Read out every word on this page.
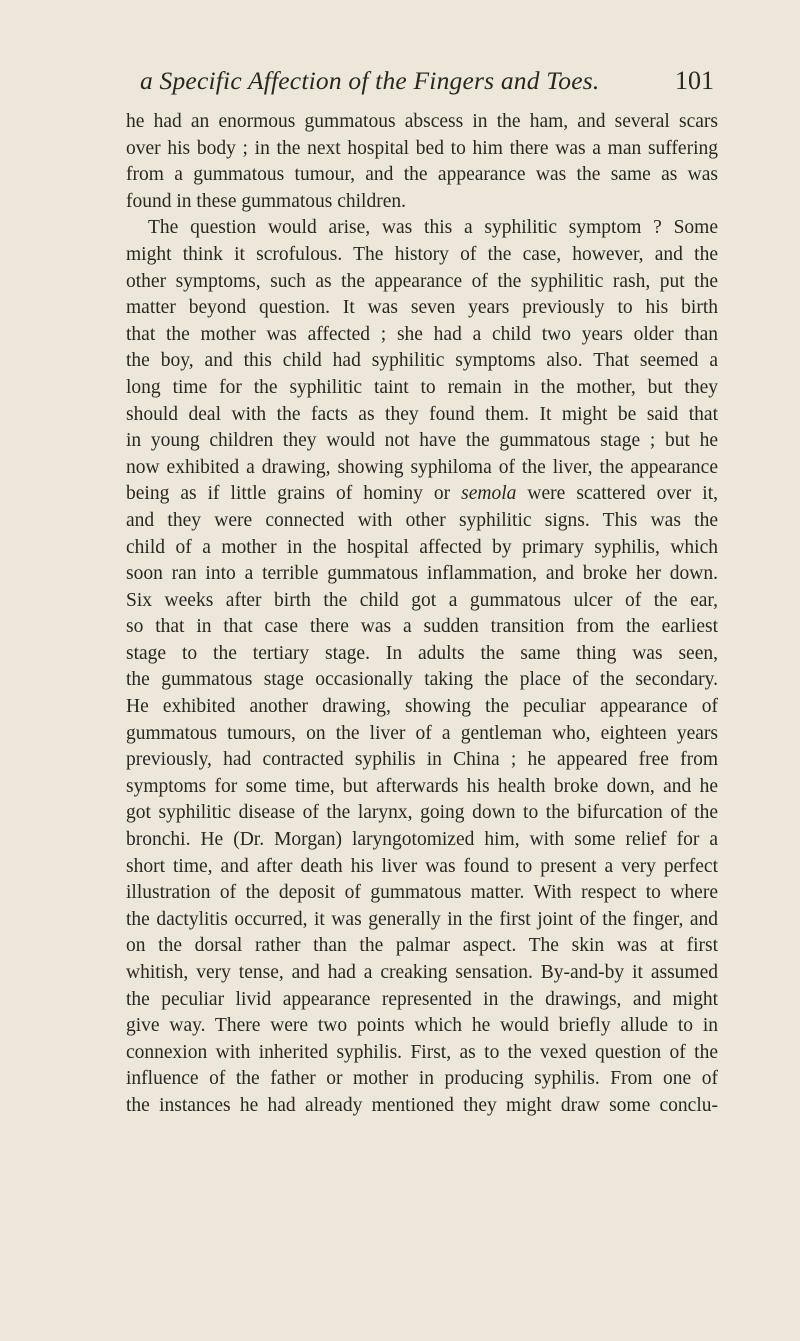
a Specific Affection of the Fingers and Toes.	101
he had an enormous gummatous abscess in the ham, and several scars
over his body ; in the next hospital bed to him there was a man suffering
from a gummatous tumour, and the appearance was the same as was
found in these gummatous children.
The question would arise, was this a syphilitic symptom ? Some
might think it scrofulous. The history of the case, however, and the
other symptoms, such as the appearance of the syphilitic rash, put the
matter beyond question. It was seven years previously to his birth
that the mother was affected ; she had a child two years older than
the boy, and this child had syphilitic symptoms also. That seemed a
long time for the syphilitic taint to remain in the mother, but they
should deal with the facts as they found them. It might be said that
in young children they would not have the gummatous stage ; but he
now exhibited a drawing, showing syphiloma of the liver, the appearance
being as if little grains of hominy or semola were scattered over it,
and they were connected with other syphilitic signs. This was the
child of a mother in the hospital affected by primary syphilis, which
soon ran into a terrible gummatous inflammation, and broke her down.
Six weeks after birth the child got a gummatous ulcer of the ear,
so that in that case there was a sudden transition from the earliest
stage to the tertiary stage. In adults the same thing was seen,
the gummatous stage occasionally taking the place of the secondary.
He exhibited another drawing, showing the peculiar appearance of
gummatous tumours, on the liver of a gentleman who, eighteen years
previously, had contracted syphilis in China ; he appeared free from
symptoms for some time, but afterwards his health broke down, and he
got syphilitic disease of the larynx, going down to the bifurcation of the
bronchi. He (Dr. Morgan) laryngotomized him, with some relief for a
short time, and after death his liver was found to present a very perfect
illustration of the deposit of gummatous matter. With respect to where
the dactylitis occurred, it was generally in the first joint of the finger, and
on the dorsal rather than the palmar aspect. The skin was at first
whitish, very tense, and had a creaking sensation. By-and-by it assumed
the peculiar livid appearance represented in the drawings, and might
give way. There were two points which he would briefly allude to in
connexion with inherited syphilis. First, as to the vexed question of the
influence of the father or mother in producing syphilis. From one of
the instances he had already mentioned they might draw some conclu-
